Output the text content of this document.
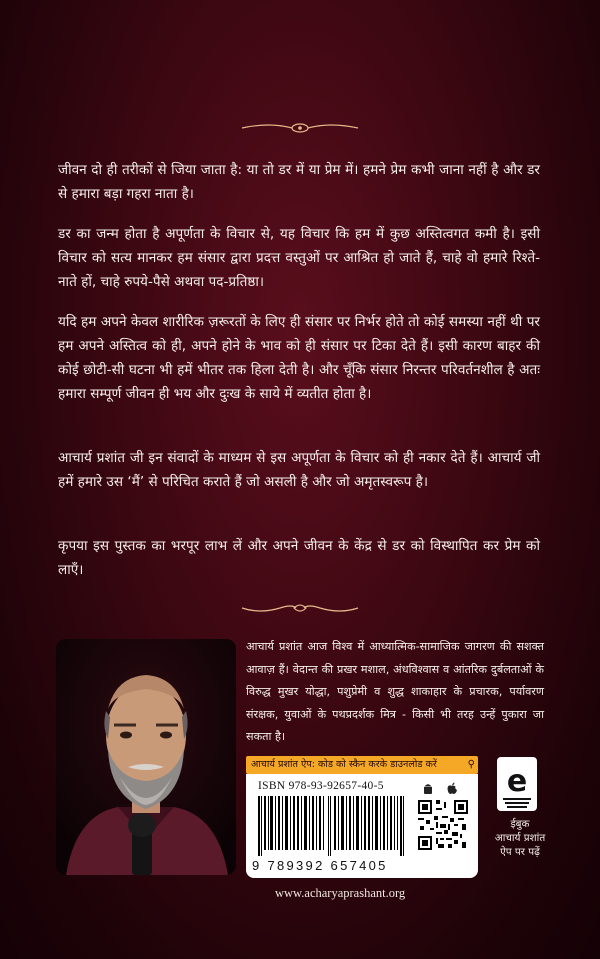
जीवन दो ही तरीकों से जिया जाता है: या तो डर में या प्रेम में। हमने प्रेम कभी जाना नहीं है और डर से हमारा बड़ा गहरा नाता है।

डर का जन्म होता है अपूर्णता के विचार से, यह विचार कि हम में कुछ अस्तित्वगत कमी है। इसी विचार को सत्य मानकर हम संसार द्वारा प्रदत्त वस्तुओं पर आश्रित हो जाते हैं, चाहे वो हमारे रिश्ते-नाते हों, चाहे रुपये-पैसे अथवा पद-प्रतिष्ठा।

यदि हम अपने केवल शारीरिक ज़रूरतों के लिए ही संसार पर निर्भर होते तो कोई समस्या नहीं थी पर हम अपने अस्तित्व को ही, अपने होने के भाव को ही संसार पर टिका देते हैं। इसी कारण बाहर की कोई छोटी-सी घटना भी हमें भीतर तक हिला देती है। और चूँकि संसार निरन्तर परिवर्तनशील है अतः हमारा सम्पूर्ण जीवन ही भय और दुःख के साये में व्यतीत होता है।

आचार्य प्रशांत जी इन संवादों के माध्यम से इस अपूर्णता के विचार को ही नकार देते हैं। आचार्य जी हमें हमारे उस ‘मैं’ से परिचित कराते हैं जो असली है और जो अमृतस्वरूप है।

कृपया इस पुस्तक का भरपूर लाभ लें और अपने जीवन के केंद्र से डर को विस्थापित कर प्रेम को लाएँ।

आचार्य प्रशांत आज विश्व में आध्यात्मिक-सामाजिक जागरण की सशक्त आवाज़ हैं। वेदान्त की प्रखर मशाल, अंधविश्वास व आंतरिक दुर्बलताओं के विरुद्ध मुखर योद्धा, पशुप्रेमी व शुद्ध शाकाहार के प्रचारक, पर्यावरण संरक्षक, युवाओं के पथप्रदर्शक मित्र - किसी भी तरह उन्हें पुकारा जा सकता है।

आचार्य प्रशांत ऐप: कोड को स्कैन करके डाउनलोड करें	⚲
ISBN 978-93-92657-40-5
9 789392 657405
e
ईबुक
आचार्य प्रशांत
ऐप पर पढ़ें
www.acharyaprashant.org
